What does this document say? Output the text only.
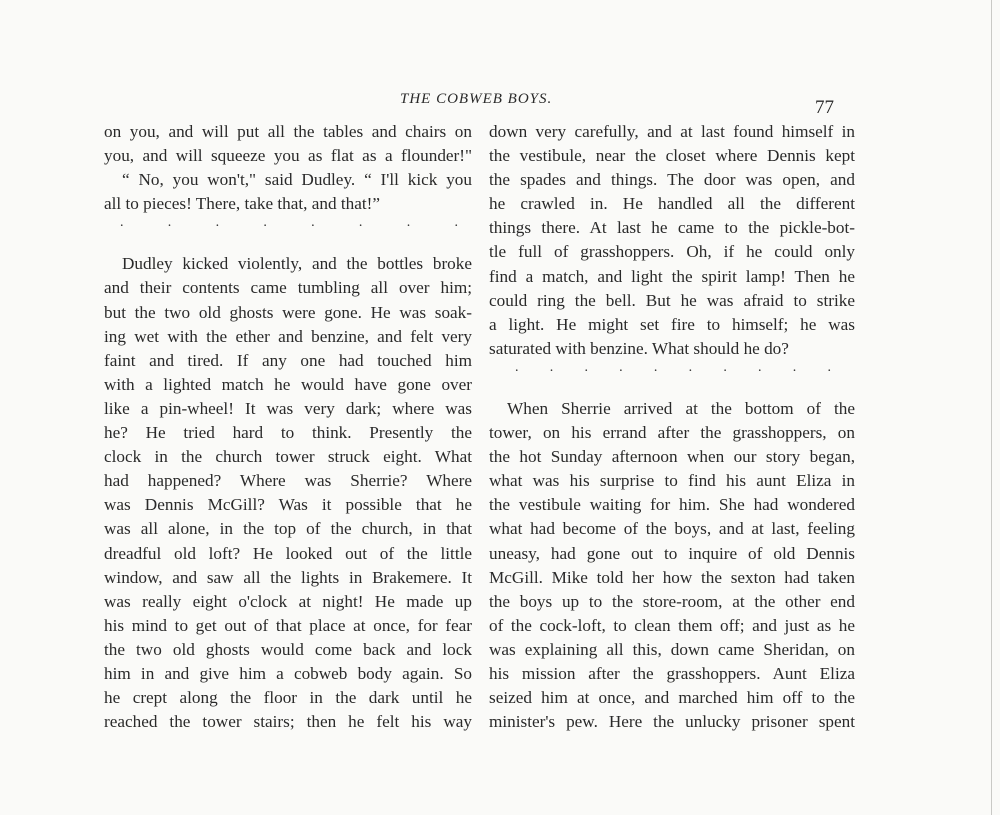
THE COBWEB BOYS.	77
on you, and will put all the tables and chairs on
you, and will squeeze you as flat as a flounder!"
“ No, you won't," said Dudley. “ I'll kick you
all to pieces! There, take that, and that!”
.	.	.	.	.	.	.	.
Dudley kicked violently, and the bottles broke
and their contents came tumbling all over him;
but the two old ghosts were gone. He was soak-
ing wet with the ether and benzine, and felt very
faint and tired. If any one had touched him
with a lighted match he would have gone over
like a pin-wheel! It was very dark; where was
he? He tried hard to think. Presently the
clock in the church tower struck eight. What
had happened? Where was Sherrie? Where
was Dennis McGill? Was it possible that he
was all alone, in the top of the church, in that
dreadful old loft? He looked out of the little
window, and saw all the lights in Brakemere. It
was really eight o'clock at night! He made up
his mind to get out of that place at once, for fear
the two old ghosts would come back and lock
him in and give him a cobweb body again. So
he crept along the floor in the dark until he
reached the tower stairs; then he felt his way
down very carefully, and at last found himself in
the vestibule, near the closet where Dennis kept
the spades and things. The door was open, and
he crawled in. He handled all the different
things there. At last he came to the pickle-bot-
tle full of grasshoppers. Oh, if he could only
find a match, and light the spirit lamp! Then he
could ring the bell. But he was afraid to strike
a light. He might set fire to himself; he was
saturated with benzine. What should he do?
. . . . . . . . . .
When Sherrie arrived at the bottom of the
tower, on his errand after the grasshoppers, on
the hot Sunday afternoon when our story began,
what was his surprise to find his aunt Eliza in
the vestibule waiting for him. She had wondered
what had become of the boys, and at last, feeling
uneasy, had gone out to inquire of old Dennis
McGill. Mike told her how the sexton had taken
the boys up to the store-room, at the other end
of the cock-loft, to clean them off; and just as he
was explaining all this, down came Sheridan, on
his mission after the grasshoppers. Aunt Eliza
seized him at once, and marched him off to the
minister's pew. Here the unlucky prisoner spent
